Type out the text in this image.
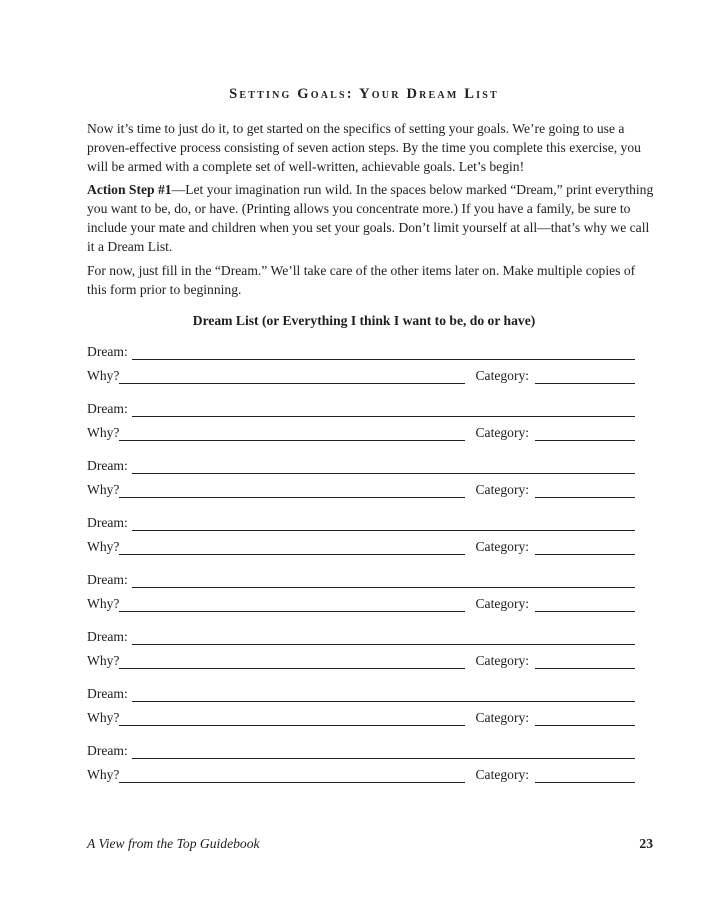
Setting Goals: Your Dream List

Now it’s time to just do it, to get started on the specifics of setting your goals. We’re going to use a proven-effective process consisting of seven action steps. By the time you complete this exercise, you will be armed with a complete set of well-written, achievable goals. Let’s begin!

Action Step #1—Let your imagination run wild. In the spaces below marked “Dream,” print everything you want to be, do, or have. (Printing allows you concentrate more.) If you have a family, be sure to include your mate and children when you set your goals. Don’t limit yourself at all—that’s why we call it a Dream List.

For now, just fill in the “Dream.” We’ll take care of the other items later on. Make multiple copies of this form prior to beginning.

Dream List (or Everything I think I want to be, do or have)
Dream:
Why?	Category:
Dream:
Why?	Category:
Dream:
Why?	Category:
Dream:
Why?	Category:
Dream:
Why?	Category:
Dream:
Why?	Category:
Dream:
Why?	Category:
Dream:
Why?	Category:
A View from the Top Guidebook	23
